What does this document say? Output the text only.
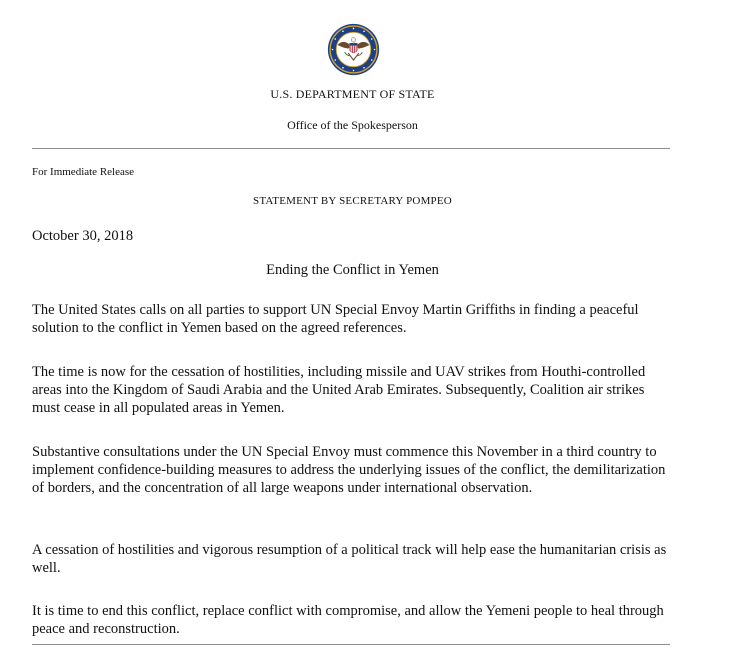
U.S. DEPARTMENT OF STATE
Office of the Spokesperson
For Immediate Release
STATEMENT BY SECRETARY POMPEO
October 30, 2018
Ending the Conflict in Yemen

The United States calls on all parties to support UN Special Envoy Martin Griffiths in finding a peaceful solution to the conflict in Yemen based on the agreed references.

The time is now for the cessation of hostilities, including missile and UAV strikes from Houthi-controlled areas into the Kingdom of Saudi Arabia and the United Arab Emirates. Subsequently, Coalition air strikes must cease in all populated areas in Yemen.

Substantive consultations under the UN Special Envoy must commence this November in a third country to implement confidence-building measures to address the underlying issues of the conflict, the demilitarization of borders, and the concentration of all large weapons under international observation.

A cessation of hostilities and vigorous resumption of a political track will help ease the humanitarian crisis as well.

It is time to end this conflict, replace conflict with compromise, and allow the Yemeni people to heal through peace and reconstruction.
